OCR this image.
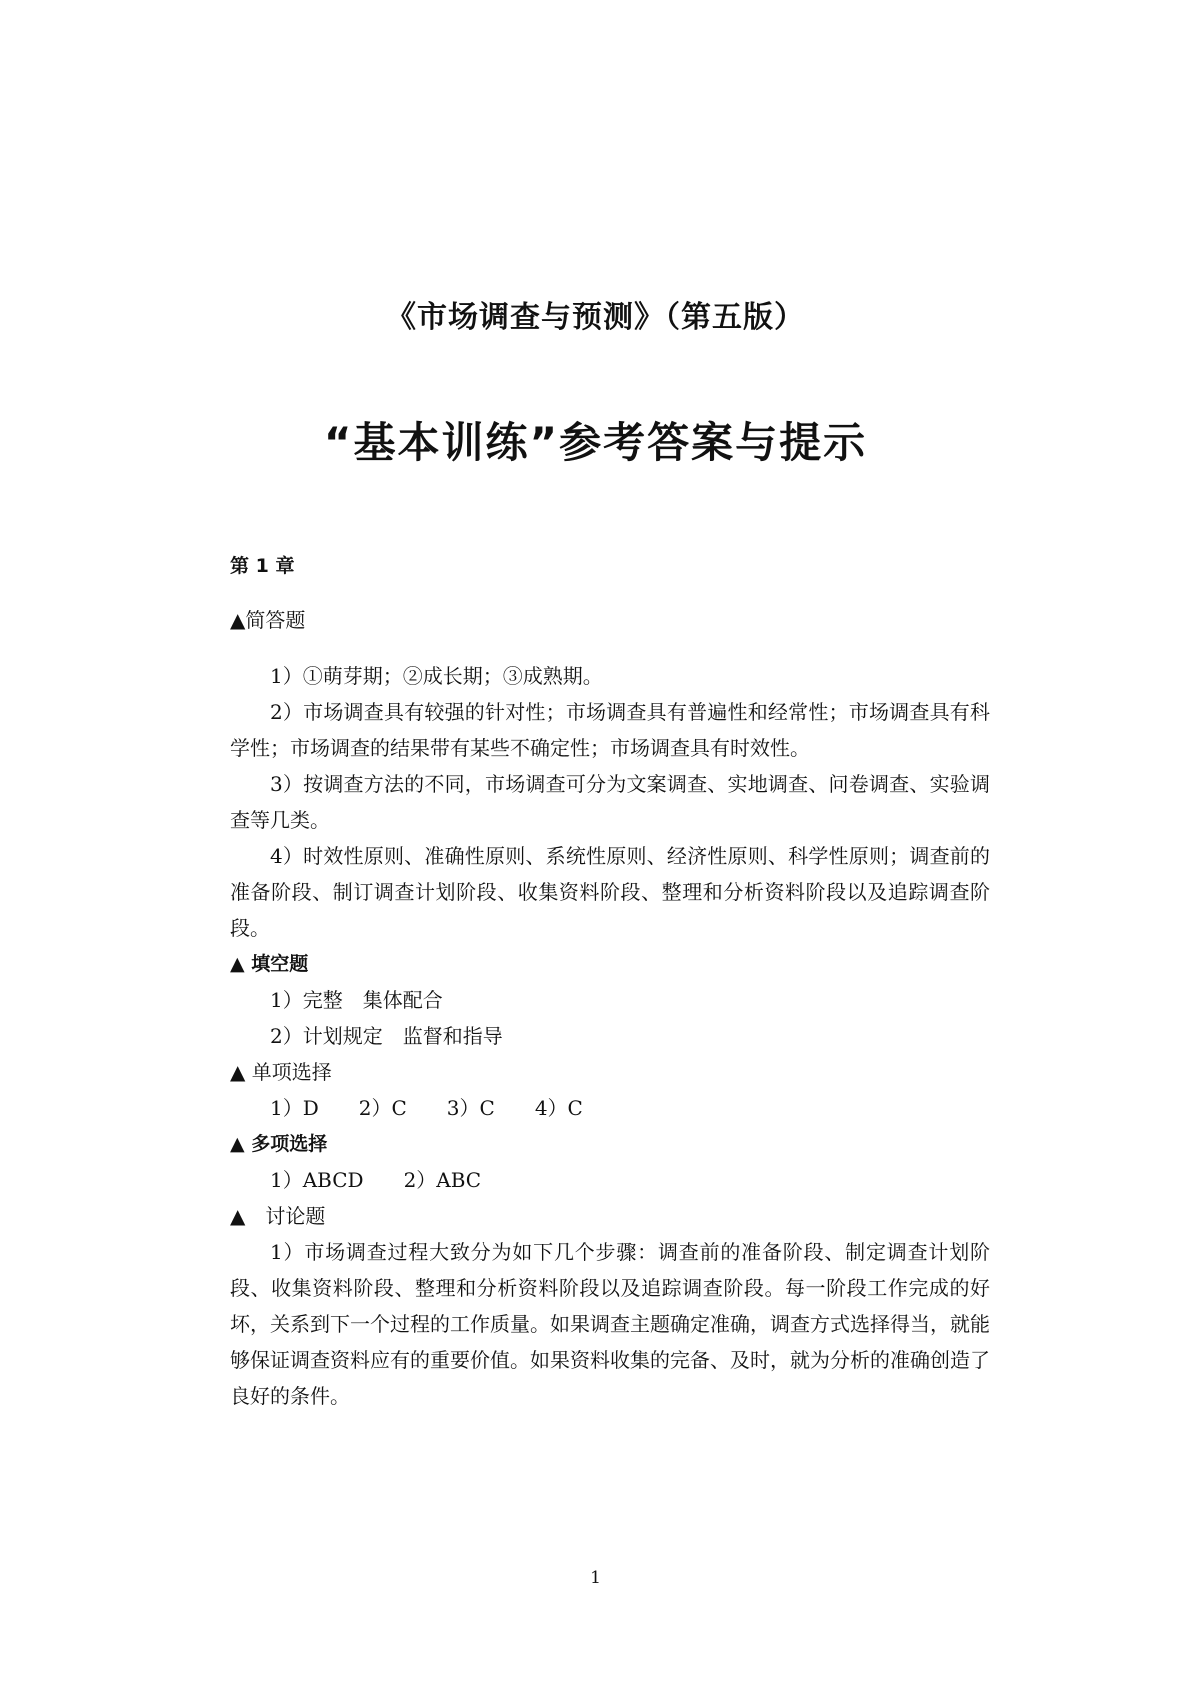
《市场调查与预测》（第五版）
“基本训练”参考答案与提示
第 1 章
▲简答题

1）①萌芽期；②成长期；③成熟期。

2）市场调查具有较强的针对性；市场调查具有普遍性和经常性；市场调查具有科学性；市场调查的结果带有某些不确定性；市场调查具有时效性。

3）按调查方法的不同，市场调查可分为文案调查、实地调查、问卷调查、实验调查等几类。

4）时效性原则、准确性原则、系统性原则、经济性原则、科学性原则；调查前的准备阶段、制订调查计划阶段、收集资料阶段、整理和分析资料阶段以及追踪调查阶段。

▲ 填空题

1）完整　集体配合

2）计划规定　监督和指导

▲ 单项选择

1）D　　2）C　　3）C　　4）C

▲ 多项选择

1）ABCD　　2）ABC

▲　讨论题

1）市场调查过程大致分为如下几个步骤：调查前的准备阶段、制定调查计划阶段、收集资料阶段、整理和分析资料阶段以及追踪调查阶段。每一阶段工作完成的好坏，关系到下一个过程的工作质量。如果调查主题确定准确，调查方式选择得当，就能够保证调查资料应有的重要价值。如果资料收集的完备、及时，就为分析的准确创造了良好的条件。

1
